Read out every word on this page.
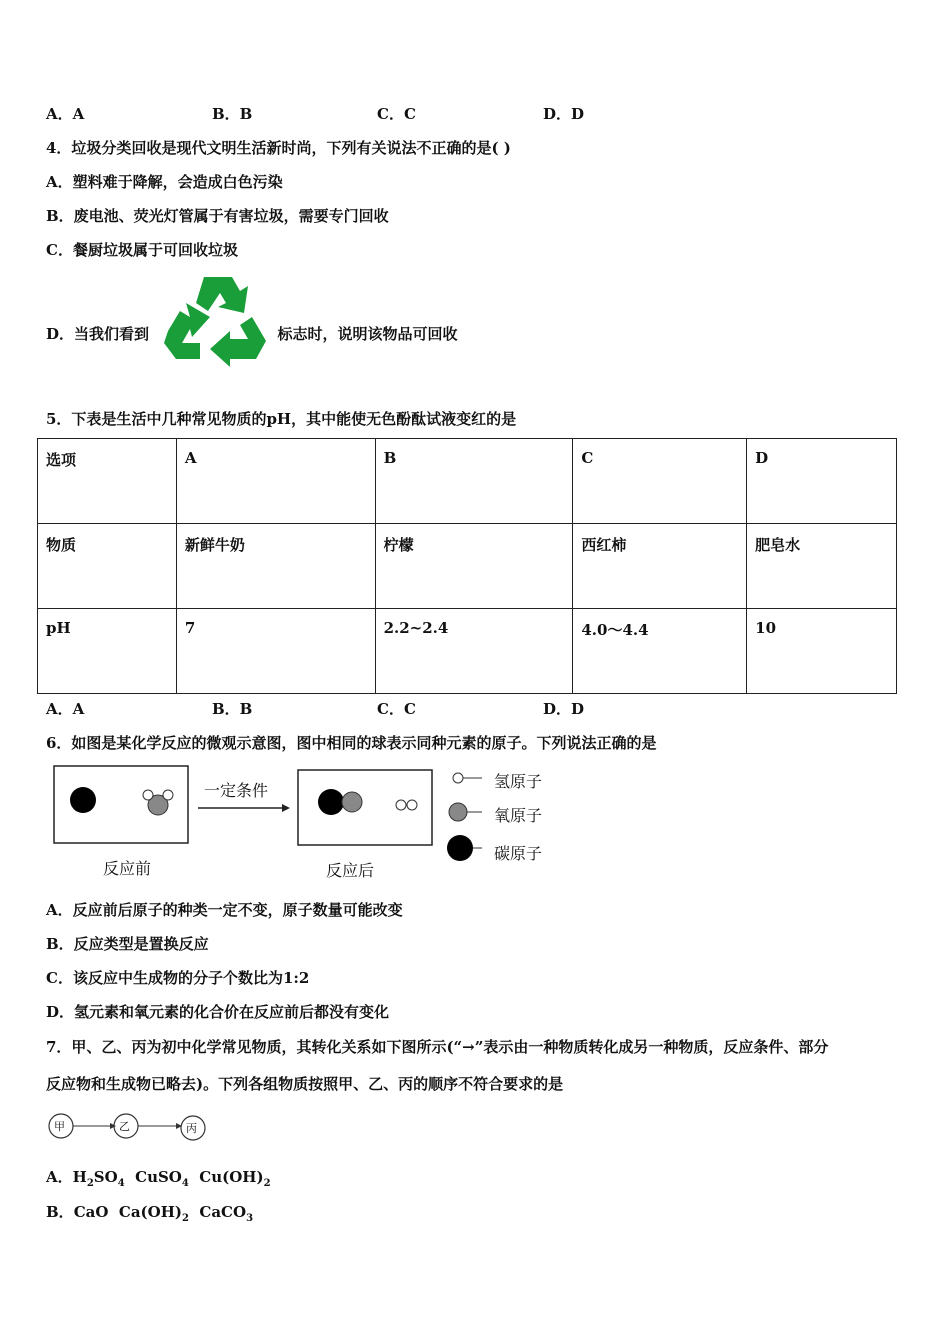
A．A	B．B	C．C	D．D
4．垃圾分类回收是现代文明生活新时尚，下列有关说法不正确的是( )
A．塑料难于降解，会造成白色污染
B．废电池、荧光灯管属于有害垃圾，需要专门回收
C．餐厨垃圾属于可回收垃圾
D．当我们看到	标志时，说明该物品可回收
5．下表是生活中几种常见物质的pH，其中能使无色酚酞试液变红的是
选项	A	B	C	D
物质	新鲜牛奶	柠檬	西红柿	肥皂水
pH	7	2.2~2.4	4.0～4.4	10
A．A	B．B	C．C	D．D
6．如图是某化学反应的微观示意图，图中相同的球表示同种元素的原子。下列说法正确的是
一定条件
反应前	反应后
氢原子
氧原子
碳原子
A．反应前后原子的种类一定不变，原子数量可能改变
B．反应类型是置换反应
C．该反应中生成物的分子个数比为1:2
D．氢元素和氧元素的化合价在反应前后都没有变化
7．甲、乙、丙为初中化学常见物质，其转化关系如下图所示(“→”表示由一种物质转化成另一种物质，反应条件、部分
反应物和生成物已略去)。下列各组物质按照甲、乙、丙的顺序不符合要求的是
甲	乙	丙
A．$H_2SO_4$ CuSO$_4$ $Cu(OH)_2$
B．CaO $Ca(OH)_2$ CaCO$_3$
